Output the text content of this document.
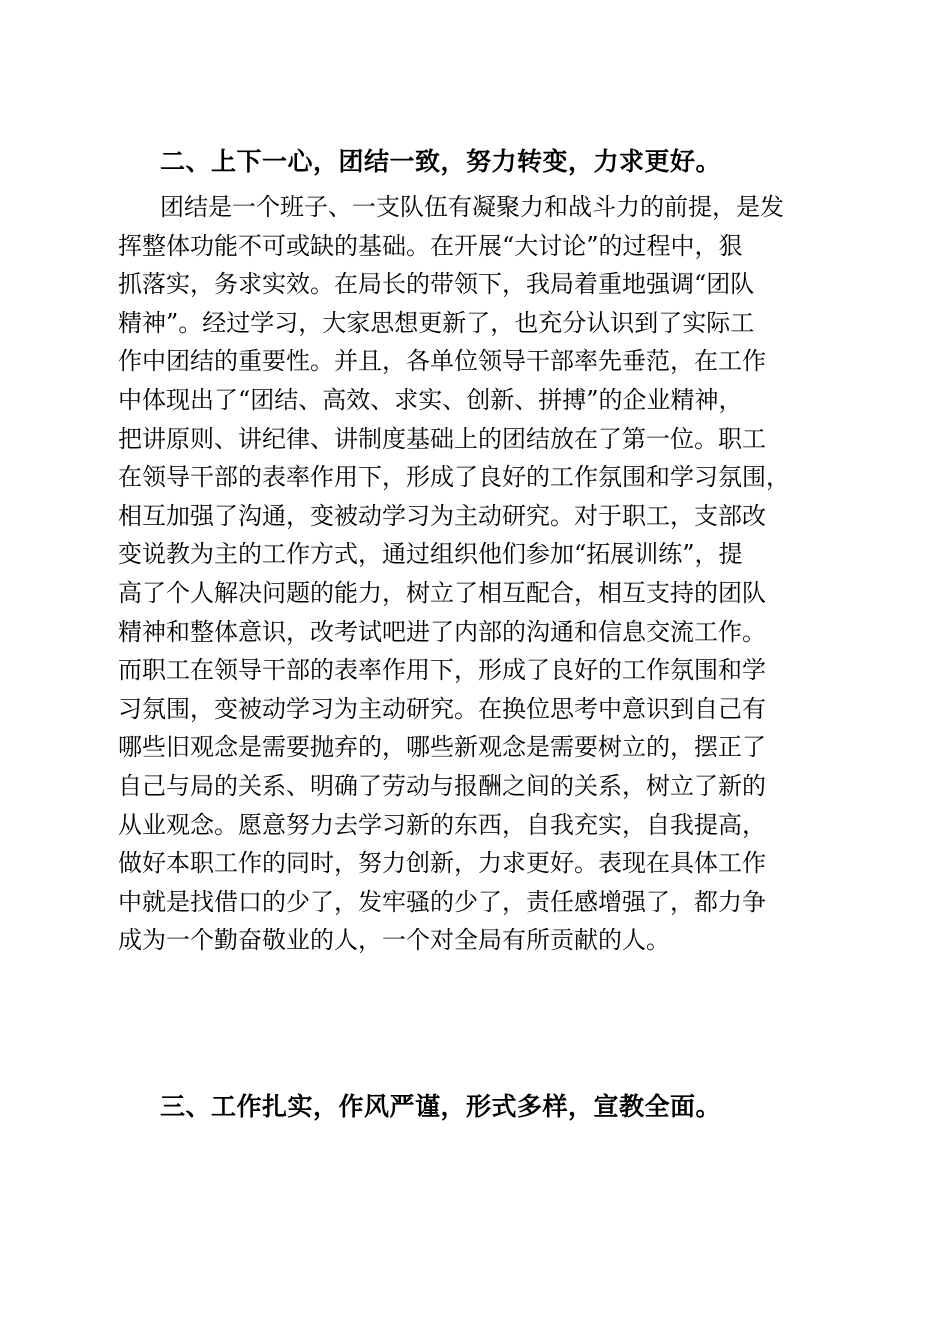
二、上下一心，团结一致，努力转变，力求更好。
团结是一个班子、一支队伍有凝聚力和战斗力的前提，是发
挥整体功能不可或缺的基础。在开展“大讨论”的过程中，狠
抓落实，务求实效。在局长的带领下，我局着重地强调“团队
精神”。经过学习，大家思想更新了，也充分认识到了实际工
作中团结的重要性。并且，各单位领导干部率先垂范，在工作
中体现出了“团结、高效、求实、创新、拼搏”的企业精神，
把讲原则、讲纪律、讲制度基础上的团结放在了第一位。职工
在领导干部的表率作用下，形成了良好的工作氛围和学习氛围，
相互加强了沟通，变被动学习为主动研究。对于职工，支部改
变说教为主的工作方式，通过组织他们参加“拓展训练”，提
高了个人解决问题的能力，树立了相互配合，相互支持的团队
精神和整体意识，改考试吧进了内部的沟通和信息交流工作。
而职工在领导干部的表率作用下，形成了良好的工作氛围和学
习氛围，变被动学习为主动研究。在换位思考中意识到自己有
哪些旧观念是需要抛弃的，哪些新观念是需要树立的，摆正了
自己与局的关系、明确了劳动与报酬之间的关系，树立了新的
从业观念。愿意努力去学习新的东西，自我充实，自我提高，
做好本职工作的同时，努力创新，力求更好。表现在具体工作
中就是找借口的少了，发牢骚的少了，责任感增强了，都力争
成为一个勤奋敬业的人，一个对全局有所贡献的人。
三、工作扎实，作风严谨，形式多样，宣教全面。
